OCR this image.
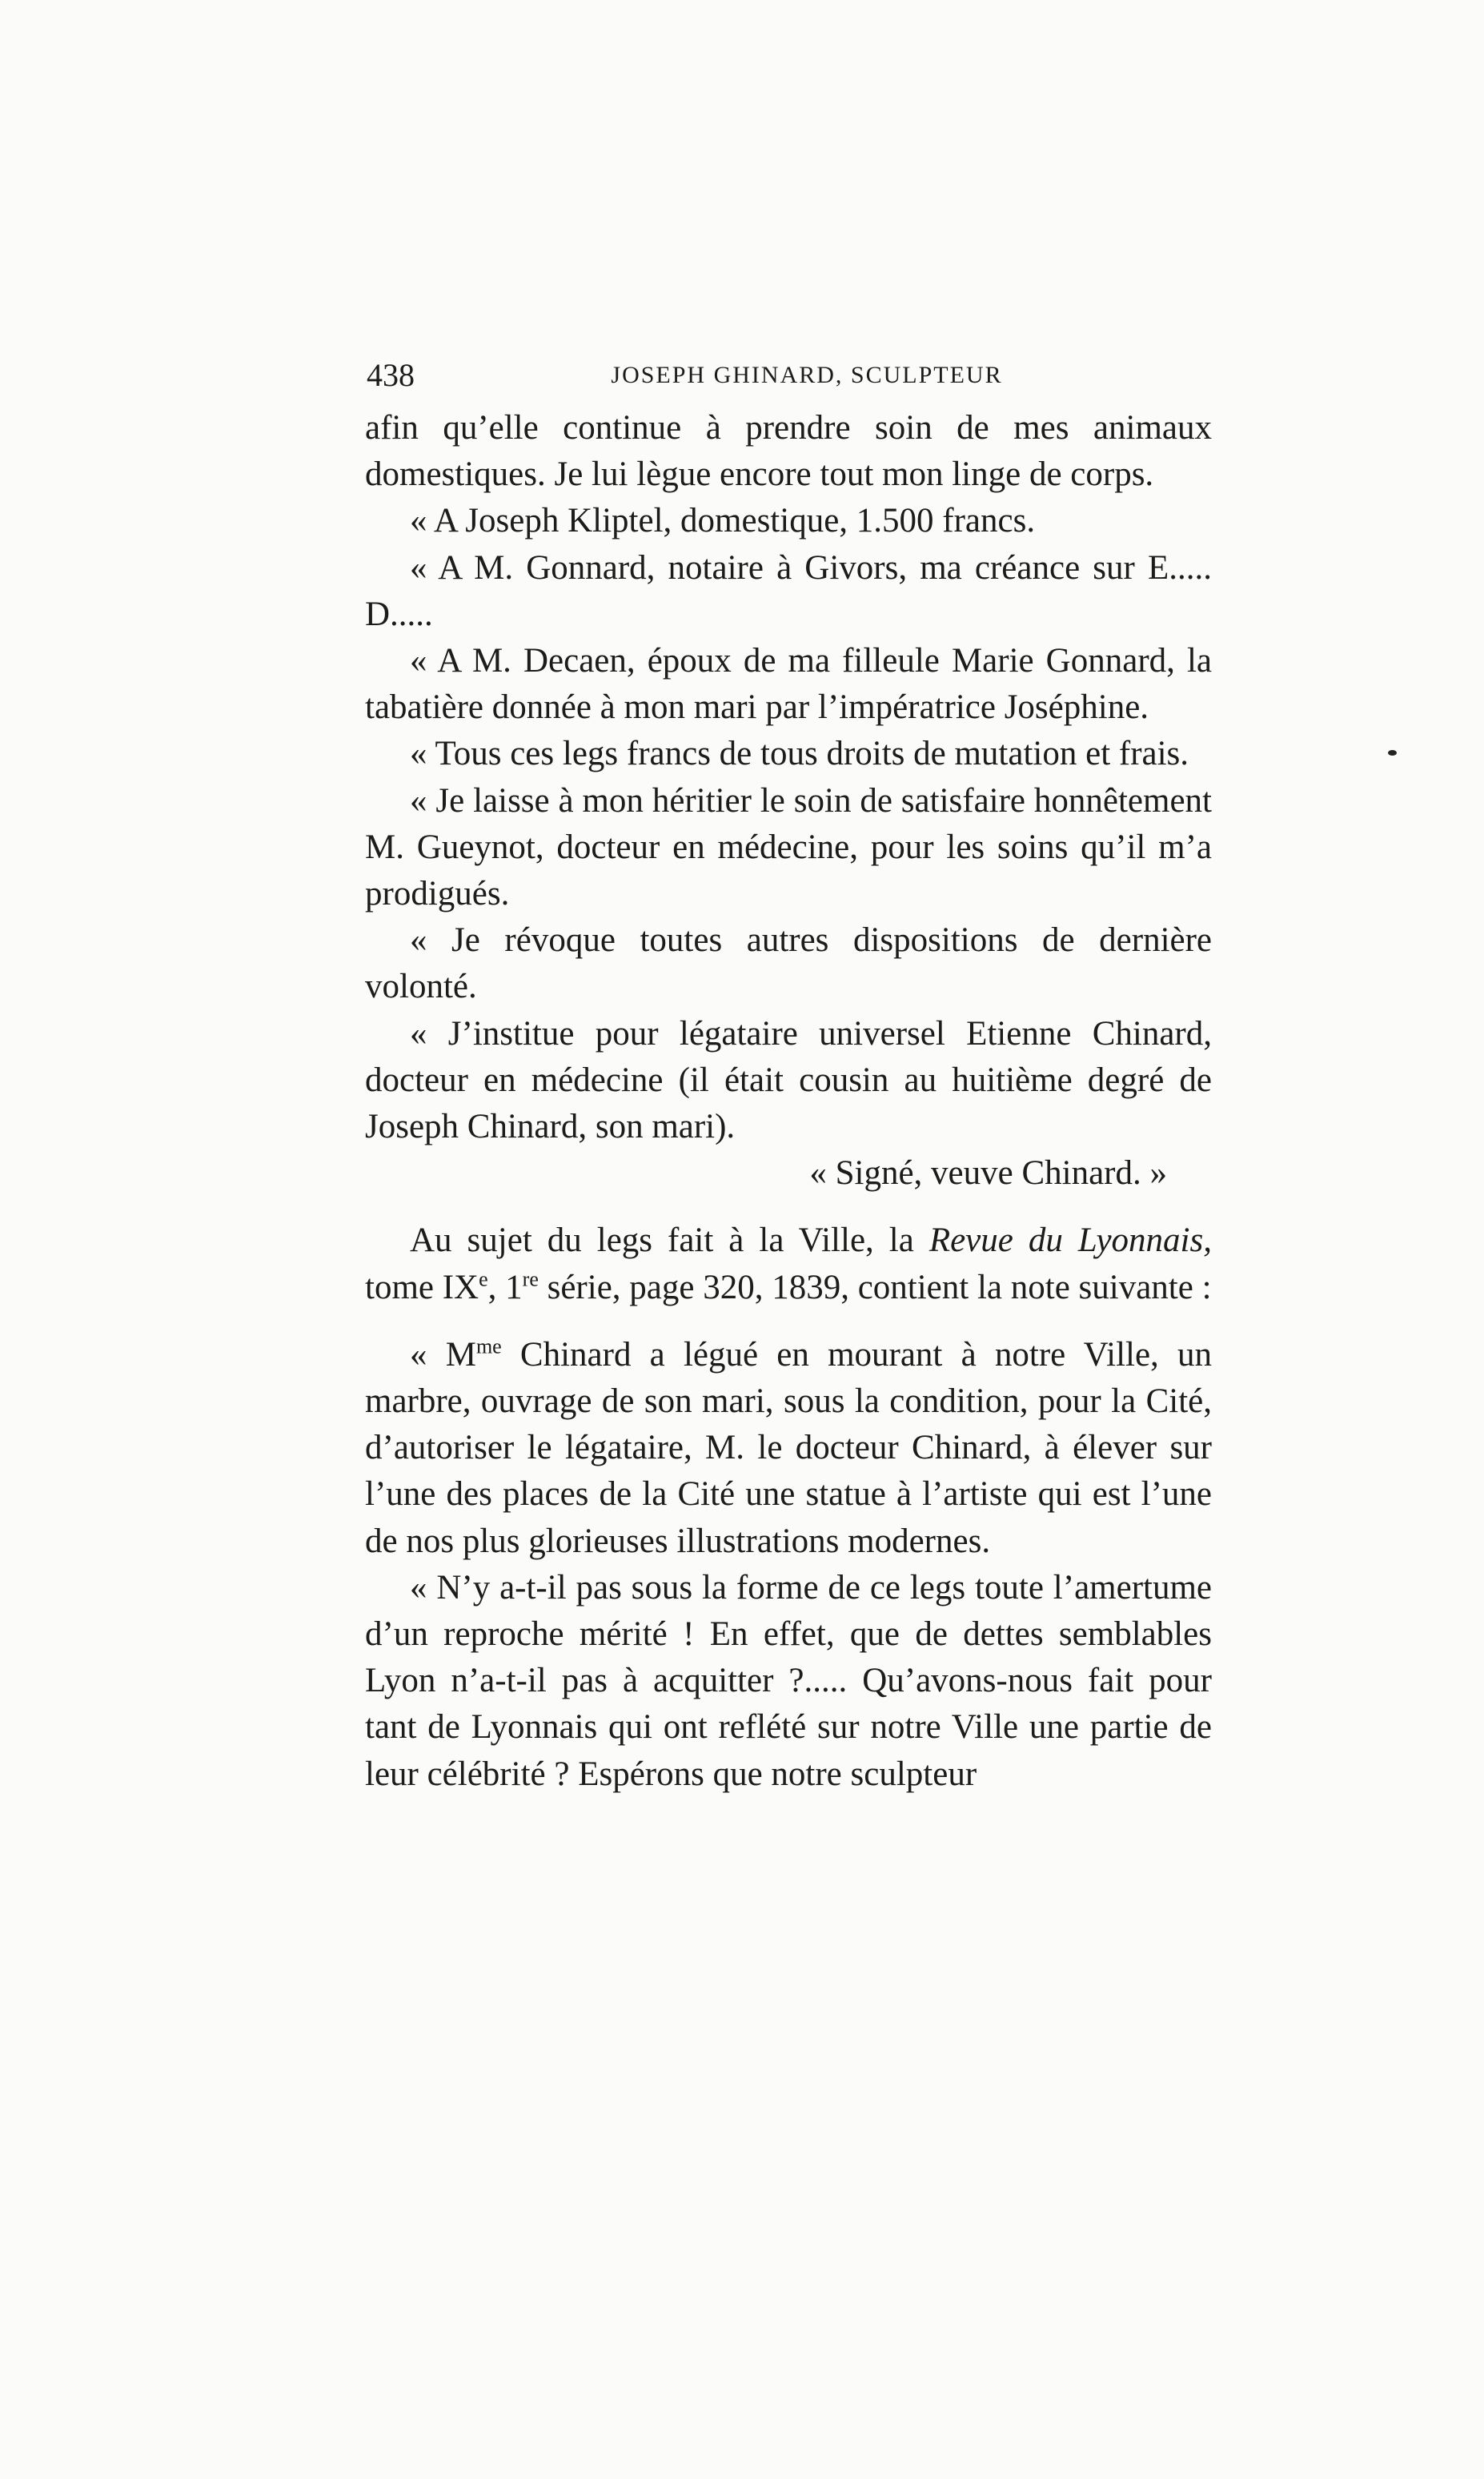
438	JOSEPH GHINARD, SCULPTEUR

afin qu’elle continue à prendre soin de mes animaux domestiques. Je lui lègue encore tout mon linge de corps.

« A Joseph Kliptel, domestique, 1.500 francs.

« A M. Gonnard, notaire à Givors, ma créance sur E..... D.....

« A M. Decaen, époux de ma filleule Marie Gonnard, la tabatière donnée à mon mari par l’impératrice Joséphine.

« Tous ces legs francs de tous droits de mutation et frais.

« Je laisse à mon héritier le soin de satisfaire honnêtement M. Gueynot, docteur en médecine, pour les soins qu’il m’a prodigués.

« Je révoque toutes autres dispositions de dernière volonté.

« J’institue pour légataire universel Etienne Chinard, docteur en médecine (il était cousin au huitième degré de Joseph Chinard, son mari).

« Signé, veuve Chinard. »

Au sujet du legs fait à la Ville, la Revue du Lyonnais, tome IXe, 1re série, page 320, 1839, contient la note suivante :

« $M^{me}$ Chinard a légué en mourant à notre Ville, un marbre, ouvrage de son mari, sous la condition, pour la Cité, d’autoriser le légataire, M. le docteur Chinard, à élever sur l’une des places de la Cité une statue à l’artiste qui est l’une de nos plus glorieuses illustrations modernes.

« N’y a-t-il pas sous la forme de ce legs toute l’amertume d’un reproche mérité ! En effet, que de dettes semblables Lyon n’a-t-il pas à acquitter ?..... Qu’avons-nous fait pour tant de Lyonnais qui ont reflété sur notre Ville une partie de leur célébrité ? Espérons que notre sculpteur
